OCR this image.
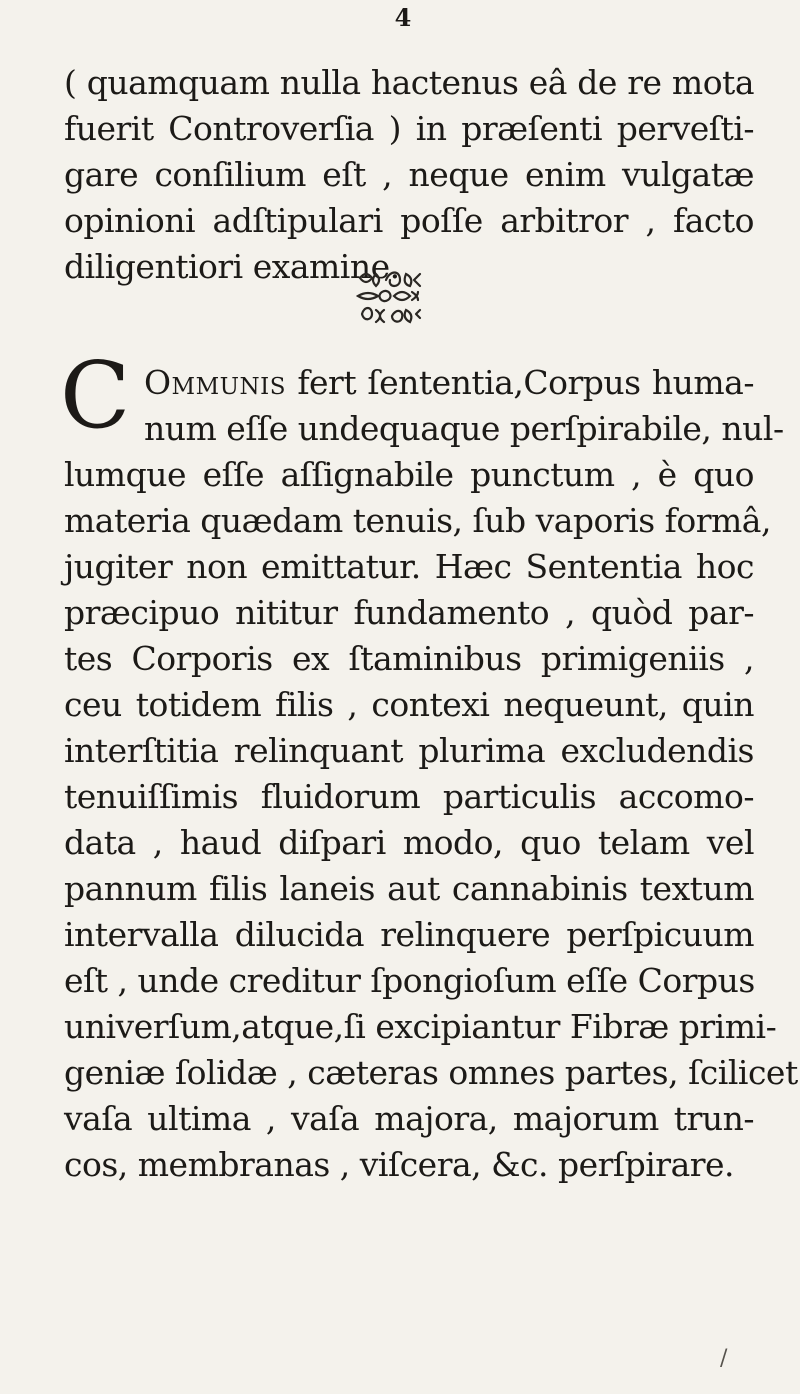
4
( quamquam nulla hactenus eâ de re mota
fuerit Controverſia ) in præſenti perveſti-
gare conſilium eſt , neque enim vulgatæ
opinioni adſtipulari poſſe arbitror , facto
diligentiori examine.
C Ommunis fert ſententia,Corpus huma-
num eſſe undequaque perſpirabile, nul-
lumque eſſe aſſignabile punctum , è quo
materia quædam tenuis, ſub vaporis formâ,
jugiter non emittatur. Hæc Sententia hoc
præcipuo nititur fundamento , quòd par-
tes Corporis ex ſtaminibus primigeniis ,
ceu totidem filis , contexi nequeunt, quin
interſtitia relinquant plurima excludendis
tenuiſſimis fluidorum particulis accomo-
data , haud diſpari modo, quo telam vel
pannum filis laneis aut cannabinis textum
intervalla dilucida relinquere perſpicuum
eſt , unde creditur ſpongioſum eſſe Corpus
univerſum,atque,ſi excipiantur Fibræ primi-
geniæ ſolidæ , cæteras omnes partes, ſcilicet
vaſa ultima , vaſa majora, majorum trun-
cos, membranas , viſcera, &c. perſpirare.
/
